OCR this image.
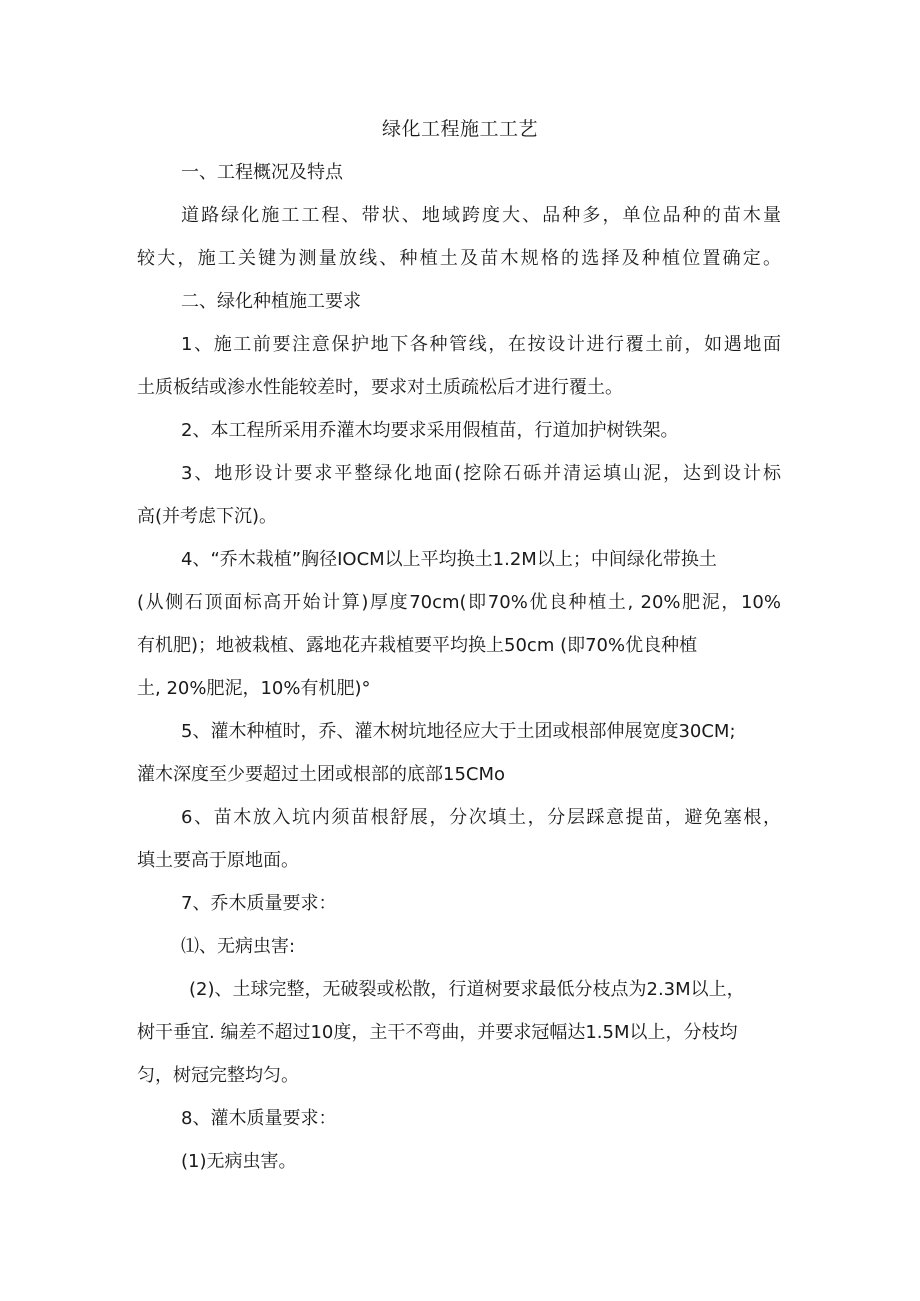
绿化工程施工工艺
一、工程概况及特点
道路绿化施工工程、带状、地域跨度大、品种多，单位品种的苗木量
较大，施工关键为测量放线、种植土及苗木规格的选择及种植位置确定。
二、绿化种植施工要求
1、施工前要注意保护地下各种管线，在按设计进行覆土前，如遇地面
土质板结或渗水性能较差时，要求对土质疏松后才进行覆土。
2、本工程所采用乔灌木均要求采用假植苗，行道加护树铁架。
3、地形设计要求平整绿化地面(挖除石砾并清运填山泥，达到设计标
高(并考虑下沉)。
4、“乔木栽植”胸径IOCM以上平均换土1.2M以上；中间绿化带换土
(从侧石顶面标高开始计算)厚度70cm(即70%优良种植土, 20%肥泥，10%
有机肥)；地被栽植、露地花卉栽植要平均换上50cm (即70%优良种植
土, 20%肥泥，10%有机肥)°
5、灌木种植时，乔、灌木树坑地径应大于土团或根部伸展宽度30CM;
灌木深度至少要超过土团或根部的底部15CMo
6、苗木放入坑内须苗根舒展，分次填土，分层踩意提苗，避免塞根，
填土要高于原地面。
7、乔木质量要求：
⑴、无病虫害:
(2)、土球完整，无破裂或松散，行道树要求最低分枝点为2.3M以上，
树干垂宜. 编差不超过10度，主干不弯曲，并要求冠幅达1.5M以上，分枝均
匀，树冠完整均匀。
8、灌木质量要求：
(1)无病虫害。
